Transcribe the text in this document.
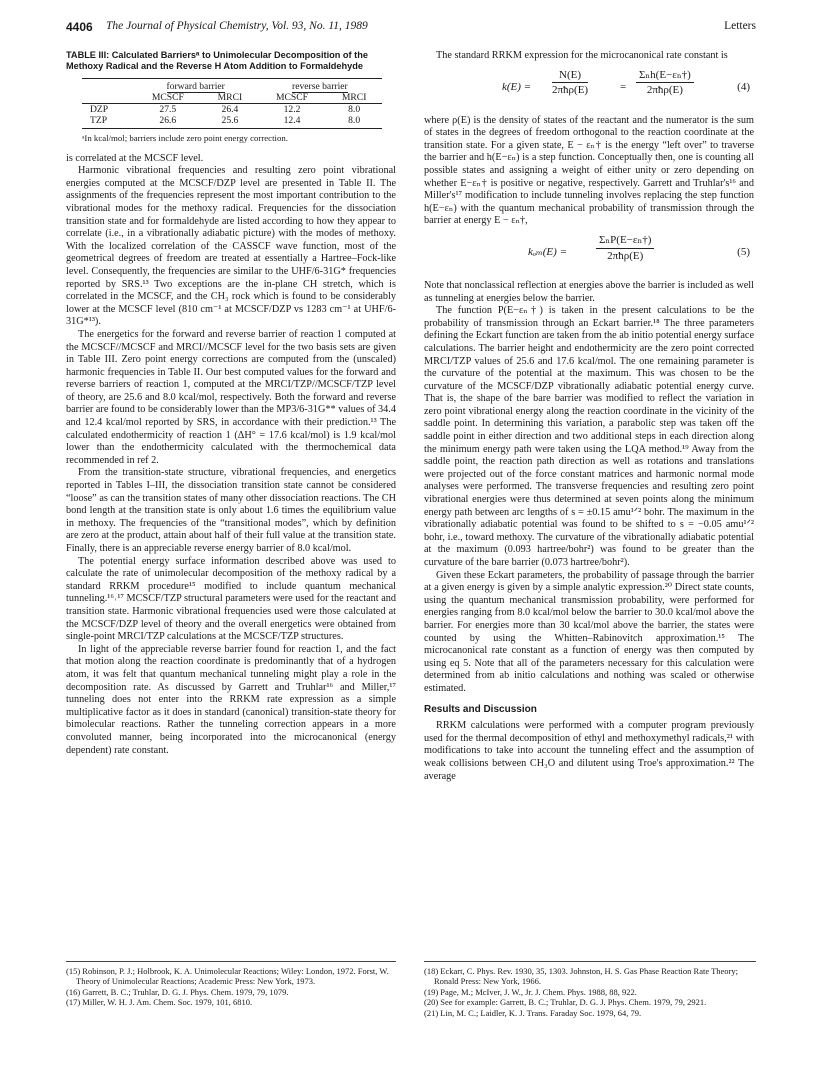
4406 The Journal of Physical Chemistry, Vol. 93, No. 11, 1989	Letters

TABLE III: Calculated Barriersᵃ to Unimolecular Decomposition of the Methoxy Radical and the Reverse H Atom Addition to Formaldehyde

	forward barrier		reverse barrier	
	MCSCF	MRCI	MCSCF	MRCI
DZP	27.5	26.4	12.2	8.0
TZP	26.6	25.6	12.4	8.0
ᵃIn kcal/mol; barriers include zero point energy correction.

is correlated at the MCSCF level.

Harmonic vibrational frequencies and resulting zero point vibrational energies computed at the MCSCF/DZP level are presented in Table II. The assignments of the frequencies represent the most important contribution to the vibrational modes for the methoxy radical. Frequencies for the dissociation transition state and for formaldehyde are listed according to how they appear to correlate (i.e., in a vibrationally adiabatic picture) with the modes of methoxy. With the localized correlation of the CASSCF wave function, most of the geometrical degrees of freedom are treated at essentially a Hartree–Fock-like level. Consequently, the frequencies are similar to the UHF/6-31G* frequencies reported by SRS.¹³ Two exceptions are the in-plane CH stretch, which is correlated in the MCSCF, and the CH₃ rock which is found to be considerably lower at the MCSCF level (810 cm⁻¹ at MCSCF/DZP vs 1283 cm⁻¹ at UHF/6-31G*¹³).

The energetics for the forward and reverse barrier of reaction 1 computed at the MCSCF//MCSCF and MRCI//MCSCF level for the two basis sets are given in Table III. Zero point energy corrections are computed from the (unscaled) harmonic frequencies in Table II. Our best computed values for the forward and reverse barriers of reaction 1, computed at the MRCI/TZP//MCSCF/TZP level of theory, are 25.6 and 8.0 kcal/mol, respectively. Both the forward and reverse barrier are found to be considerably lower than the MP3/6-31G** values of 34.4 and 12.4 kcal/mol reported by SRS, in accordance with their prediction.¹³ The calculated endothermicity of reaction 1 (ΔH° = 17.6 kcal/mol) is 1.9 kcal/mol lower than the endothermicity calculated with the thermochemical data recommended in ref 2.

From the transition-state structure, vibrational frequencies, and energetics reported in Tables I–III, the dissociation transition state cannot be considered “loose” as can the transition states of many other dissociation reactions. The CH bond length at the transition state is only about 1.6 times the equilibrium value in methoxy. The frequencies of the “transitional modes”, which by definition are zero at the product, attain about half of their full value at the transition state. Finally, there is an appreciable reverse energy barrier of 8.0 kcal/mol.

The potential energy surface information described above was used to calculate the rate of unimolecular decomposition of the methoxy radical by a standard RRKM procedure¹⁵ modified to include quantum mechanical tunneling.¹⁶˒¹⁷ MCSCF/TZP structural parameters were used for the reactant and transition state. Harmonic vibrational frequencies used were those calculated at the MCSCF/DZP level of theory and the overall energetics were obtained from single-point MRCI/TZP calculations at the MCSCF/TZP structures.

In light of the appreciable reverse barrier found for reaction 1, and the fact that motion along the reaction coordinate is predominantly that of a hydrogen atom, it was felt that quantum mechanical tunneling might play a role in the decomposition rate. As discussed by Garrett and Truhlar¹⁶ and Miller,¹⁷ tunneling does not enter into the RRKM rate expression as a simple multiplicative factor as it does in standard (canonical) transition-state theory for bimolecular reactions. Rather the tunneling correction appears in a more convoluted manner, being incorporated into the microcanonical (energy dependent) rate constant.

The standard RRKM expression for the microcanonical rate constant is

k(E) =
N(E)
2πħρ(E)	=
Σₙh(E−εₙ†)
2πħρ(E)	(4)

where ρ(E) is the density of states of the reactant and the numerator is the sum of states in the degrees of freedom orthogonal to the reaction coordinate at the transition state. For a given state, E − εₙ† is the energy “left over” to traverse the barrier and h(E−εₙ) is a step function. Conceptually then, one is counting all possible states and assigning a weight of either unity or zero depending on whether E−εₙ† is positive or negative, respectively. Garrett and Truhlar's¹⁶ and Miller's¹⁷ modification to include tunneling involves replacing the step function h(E−εₙ) with the quantum mechanical probability of transmission through the barrier at energy E − εₙ†,

kₒₘ(E) =
ΣₙP(E−εₙ†)
2πħρ(E)	(5)

Note that nonclassical reflection at energies above the barrier is included as well as tunneling at energies below the barrier.

The function P(E−εₙ†) is taken in the present calculations to be the probability of transmission through an Eckart barrier.¹⁸ The three parameters defining the Eckart function are taken from the ab initio potential energy surface calculations. The barrier height and endothermicity are the zero point corrected MRCI/TZP values of 25.6 and 17.6 kcal/mol. The one remaining parameter is the curvature of the potential at the maximum. This was chosen to be the curvature of the MCSCF/DZP vibrationally adiabatic potential energy curve. That is, the shape of the bare barrier was modified to reflect the variation in zero point vibrational energy along the reaction coordinate in the vicinity of the saddle point. In determining this variation, a parabolic step was taken off the saddle point in either direction and two additional steps in each direction along the minimum energy path were taken using the LQA method.¹⁹ Away from the saddle point, the reaction path direction as well as rotations and translations were projected out of the force constant matrices and harmonic normal mode analyses were performed. The transverse frequencies and resulting zero point vibrational energies were thus determined at seven points along the minimum energy path between arc lengths of s = ±0.15 amu¹ᐟ² bohr. The maximum in the vibrationally adiabatic potential was found to be shifted to s = −0.05 amu¹ᐟ² bohr, i.e., toward methoxy. The curvature of the vibrationally adiabatic potential at the maximum (0.093 hartree/bohr²) was found to be greater than the curvature of the bare barrier (0.073 hartree/bohr²).

Given these Eckart parameters, the probability of passage through the barrier at a given energy is given by a simple analytic expression.²⁰ Direct state counts, using the quantum mechanical transmission probability, were performed for energies ranging from 8.0 kcal/mol below the barrier to 30.0 kcal/mol above the barrier. For energies more than 30 kcal/mol above the barrier, the states were counted by using the Whitten–Rabinovitch approximation.¹⁵ The microcanonical rate constant as a function of energy was then computed by using eq 5. Note that all of the parameters necessary for this calculation were determined from ab initio calculations and nothing was scaled or otherwise estimated.

Results and Discussion

RRKM calculations were performed with a computer program previously used for the thermal decomposition of ethyl and methoxymethyl radicals,²¹ with modifications to take into account the tunneling effect and the assumption of weak collisions between CH₃O and dilutent using Troe's approximation.²² The average

(15) Robinson, P. J.; Holbrook, K. A. Unimolecular Reactions; Wiley: London, 1972. Forst, W. Theory of Unimolecular Reactions; Academic Press: New York, 1973.
(16) Garrett, B. C.; Truhlar, D. G. J. Phys. Chem. 1979, 79, 1079.
(17) Miller, W. H. J. Am. Chem. Soc. 1979, 101, 6810.
(18) Eckart, C. Phys. Rev. 1930, 35, 1303. Johnston, H. S. Gas Phase Reaction Rate Theory; Ronald Press: New York, 1966.
(19) Page, M.; McIver, J. W., Jr. J. Chem. Phys. 1988, 88, 922.
(20) See for example: Garrett, B. C.; Truhlar, D. G. J. Phys. Chem. 1979, 79, 2921.
(21) Lin, M. C.; Laidler, K. J. Trans. Faraday Soc. 1979, 64, 79.
